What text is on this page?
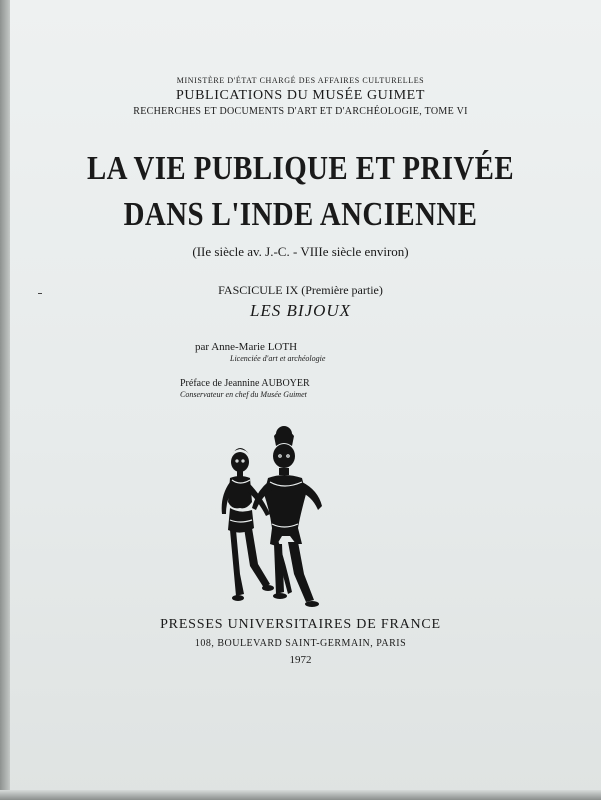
MINISTÈRE D'ÉTAT CHARGÉ DES AFFAIRES CULTURELLES
PUBLICATIONS DU MUSÉE GUIMET
RECHERCHES ET DOCUMENTS D'ART ET D'ARCHÉOLOGIE, TOME VI
LA VIE PUBLIQUE ET PRIVÉE
DANS L'INDE ANCIENNE
(IIe siècle av. J.-C. - VIIIe siècle environ)
FASCICULE IX (Première partie)
LES BIJOUX
par Anne-Marie LOTH
Licenciée d'art et archéologie
Préface de Jeannine AUBOYER
Conservateur en chef du Musée Guimet
PRESSES UNIVERSITAIRES DE FRANCE
108, BOULEVARD SAINT-GERMAIN, PARIS
1972
